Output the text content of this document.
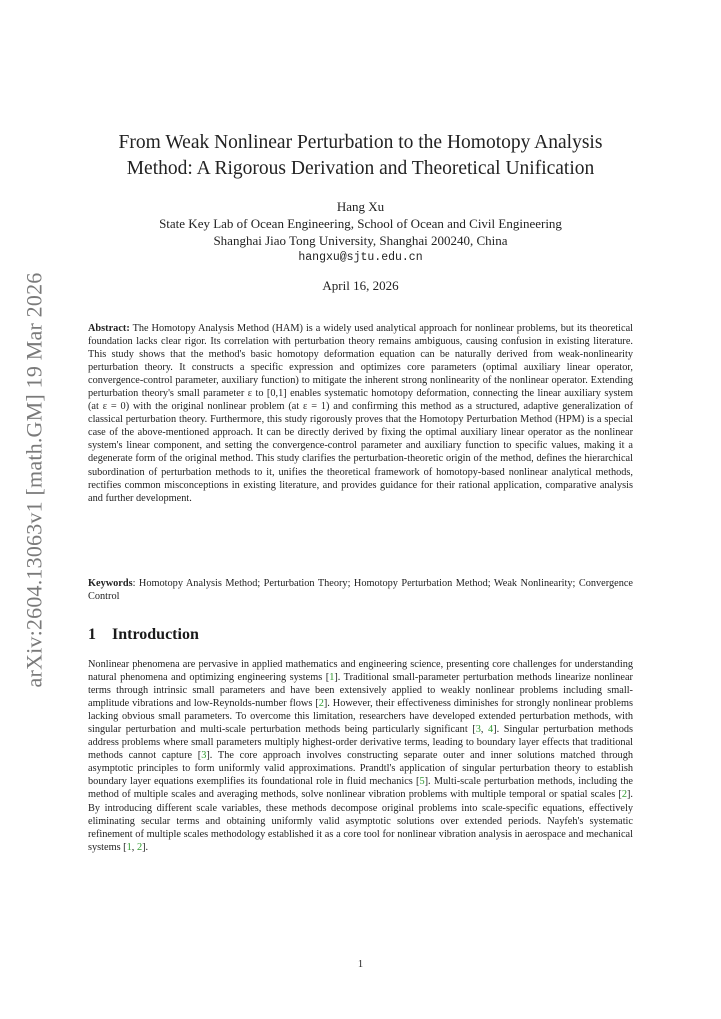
arXiv:2604.13063v1 [math.GM] 19 Mar 2026
From Weak Nonlinear Perturbation to the Homotopy Analysis
Method: A Rigorous Derivation and Theoretical Unification
Hang Xu
State Key Lab of Ocean Engineering, School of Ocean and Civil Engineering
Shanghai Jiao Tong University, Shanghai 200240, China
hangxu@sjtu.edu.cn
April 16, 2026

Abstract: The Homotopy Analysis Method (HAM) is a widely used analytical approach for nonlinear problems, but its theoretical foundation lacks clear rigor. Its correlation with perturbation theory remains ambiguous, causing confusion in existing literature. This study shows that the method's basic homotopy deformation equation can be naturally derived from weak-nonlinearity perturbation theory. It constructs a specific expression and optimizes core parameters (optimal auxiliary linear operator, convergence-control parameter, auxiliary function) to mitigate the inherent strong nonlinearity of the nonlinear operator. Extending perturbation theory's small parameter ε to [0,1] enables systematic homotopy deformation, connecting the linear auxiliary system (at ε = 0) with the original nonlinear problem (at ε = 1) and confirming this method as a structured, adaptive generalization of classical perturbation theory. Furthermore, this study rigorously proves that the Homotopy Perturbation Method (HPM) is a special case of the above-mentioned approach. It can be directly derived by fixing the optimal auxiliary linear operator as the nonlinear system's linear component, and setting the convergence-control parameter and auxiliary function to specific values, making it a degenerate form of the original method. This study clarifies the perturbation-theoretic origin of the method, defines the hierarchical subordination of perturbation methods to it, unifies the theoretical framework of homotopy-based nonlinear analytical methods, rectifies common misconceptions in existing literature, and provides guidance for their rational application, comparative analysis and further development.

Keywords: Homotopy Analysis Method; Perturbation Theory; Homotopy Perturbation Method; Weak Nonlinearity; Convergence Control

1 Introduction

Nonlinear phenomena are pervasive in applied mathematics and engineering science, presenting core challenges for understanding natural phenomena and optimizing engineering systems [1]. Traditional small-parameter perturbation methods linearize nonlinear terms through intrinsic small parameters and have been extensively applied to weakly nonlinear problems including small-amplitude vibrations and low-Reynolds-number flows [2]. However, their effectiveness diminishes for strongly nonlinear problems lacking obvious small parameters. To overcome this limitation, researchers have developed extended perturbation methods, with singular perturbation and multi-scale perturbation methods being particularly significant [3, 4]. Singular perturbation methods address problems where small parameters multiply highest-order derivative terms, leading to boundary layer effects that traditional methods cannot capture [3]. The core approach involves constructing separate outer and inner solutions matched through asymptotic principles to form uniformly valid approximations. Prandtl's application of singular perturbation theory to establish boundary layer equations exemplifies its foundational role in fluid mechanics [5]. Multi-scale perturbation methods, including the method of multiple scales and averaging methods, solve nonlinear vibration problems with multiple temporal or spatial scales [2]. By introducing different scale variables, these methods decompose original problems into scale-specific equations, effectively eliminating secular terms and obtaining uniformly valid asymptotic solutions over extended periods. Nayfeh's systematic refinement of multiple scales methodology established it as a core tool for nonlinear vibration analysis in aerospace and mechanical systems [1, 2].

1
